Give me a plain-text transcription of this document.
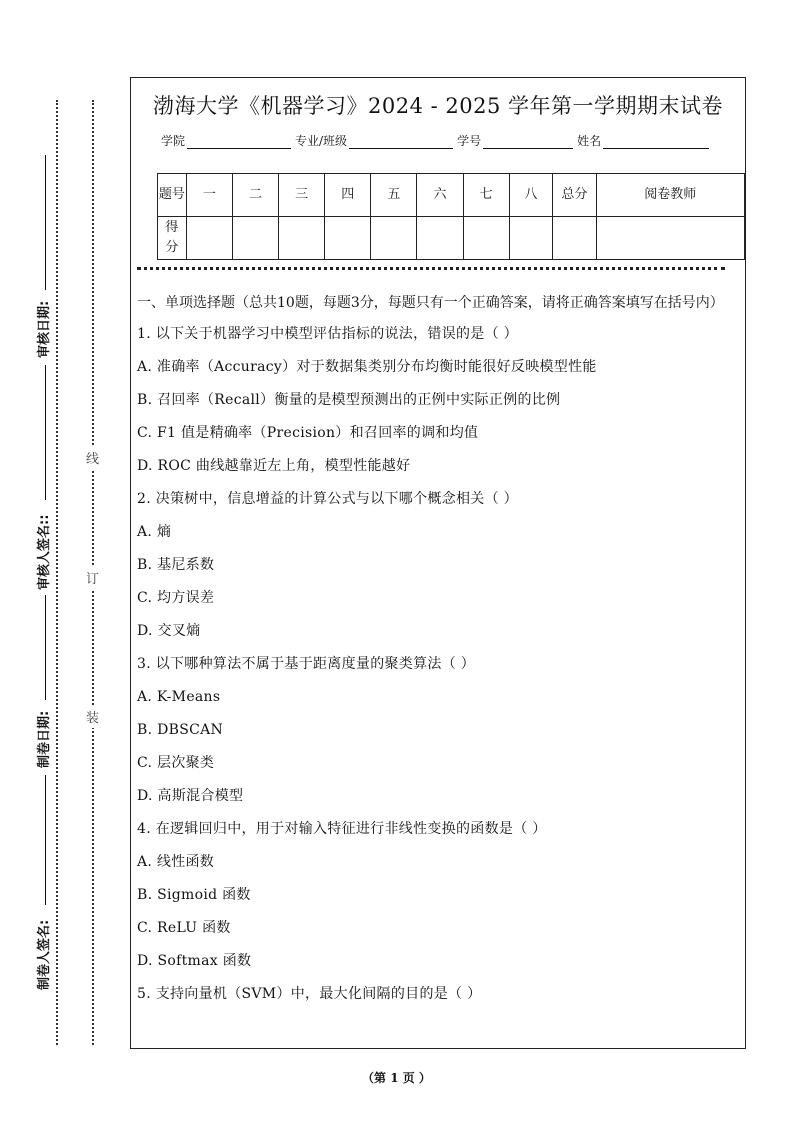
制卷人签名:
制卷日期:
审核人签名::
审核日期:
装
订
线
渤海大学《机器学习》2024 - 2025 学年第一学期期末试卷
学院	专业/班级	学号	姓名
题号	一	二	三	四	五	六	七	八	总分	阅卷教师
得分										
一、单项选择题（总共10题，每题3分，每题只有一个正确答案，请将正确答案填写在括号内）
1. 以下关于机器学习中模型评估指标的说法，错误的是（ ）
A. 准确率（Accuracy）对于数据集类别分布均衡时能很好反映模型性能
B. 召回率（Recall）衡量的是模型预测出的正例中实际正例的比例
C. F1 值是精确率（Precision）和召回率的调和均值
D. ROC 曲线越靠近左上角，模型性能越好
2. 决策树中，信息增益的计算公式与以下哪个概念相关（ ）
A. 熵
B. 基尼系数
C. 均方误差
D. 交叉熵
3. 以下哪种算法不属于基于距离度量的聚类算法（ ）
A. K-Means
B. DBSCAN
C. 层次聚类
D. 高斯混合模型
4. 在逻辑回归中，用于对输入特征进行非线性变换的函数是（ ）
A. 线性函数
B. Sigmoid 函数
C. ReLU 函数
D. Softmax 函数
5. 支持向量机（SVM）中，最大化间隔的目的是（ ）
（第 1 页 ）
